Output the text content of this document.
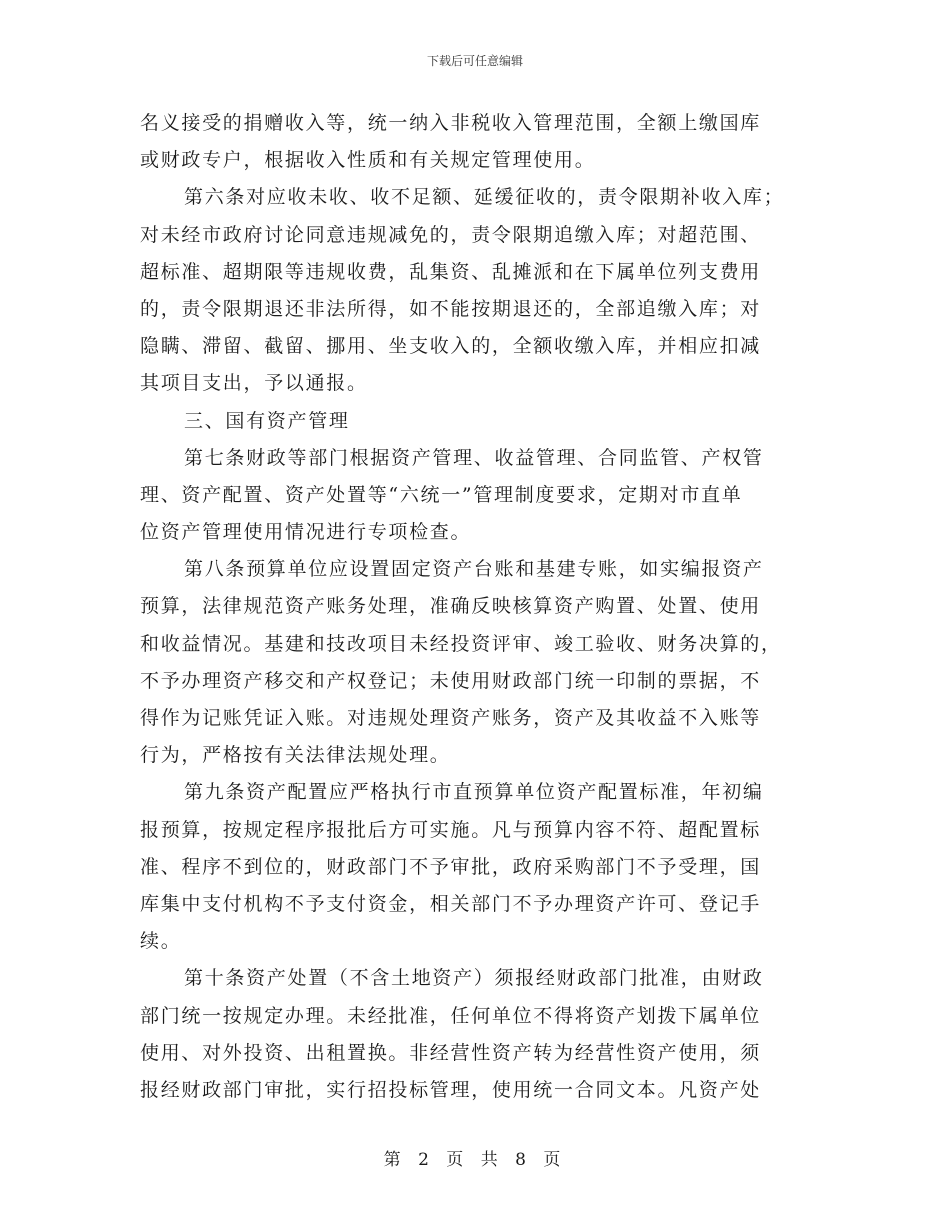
下载后可任意编辑
名义接受的捐赠收入等，统一纳入非税收入管理范围，全额上缴国库
或财政专户，根据收入性质和有关规定管理使用。
第六条对应收未收、收不足额、延缓征收的，责令限期补收入库；
对未经市政府讨论同意违规减免的，责令限期追缴入库；对超范围、
超标准、超期限等违规收费，乱集资、乱摊派和在下属单位列支费用
的，责令限期退还非法所得，如不能按期退还的，全部追缴入库；对
隐瞒、滞留、截留、挪用、坐支收入的，全额收缴入库，并相应扣减
其项目支出，予以通报。
三、国有资产管理
第七条财政等部门根据资产管理、收益管理、合同监管、产权管
理、资产配置、资产处置等“六统一”管理制度要求，定期对市直单
位资产管理使用情况进行专项检查。
第八条预算单位应设置固定资产台账和基建专账，如实编报资产
预算，法律规范资产账务处理，准确反映核算资产购置、处置、使用
和收益情况。基建和技改项目未经投资评审、竣工验收、财务决算的，
不予办理资产移交和产权登记；未使用财政部门统一印制的票据，不
得作为记账凭证入账。对违规处理资产账务，资产及其收益不入账等
行为，严格按有关法律法规处理。
第九条资产配置应严格执行市直预算单位资产配置标准，年初编
报预算，按规定程序报批后方可实施。凡与预算内容不符、超配置标
准、程序不到位的，财政部门不予审批，政府采购部门不予受理，国
库集中支付机构不予支付资金，相关部门不予办理资产许可、登记手
续。
第十条资产处置（不含土地资产）须报经财政部门批准，由财政
部门统一按规定办理。未经批准，任何单位不得将资产划拨下属单位
使用、对外投资、出租置换。非经营性资产转为经营性资产使用，须
报经财政部门审批，实行招投标管理，使用统一合同文本。凡资产处
第 2 页 共 8 页
